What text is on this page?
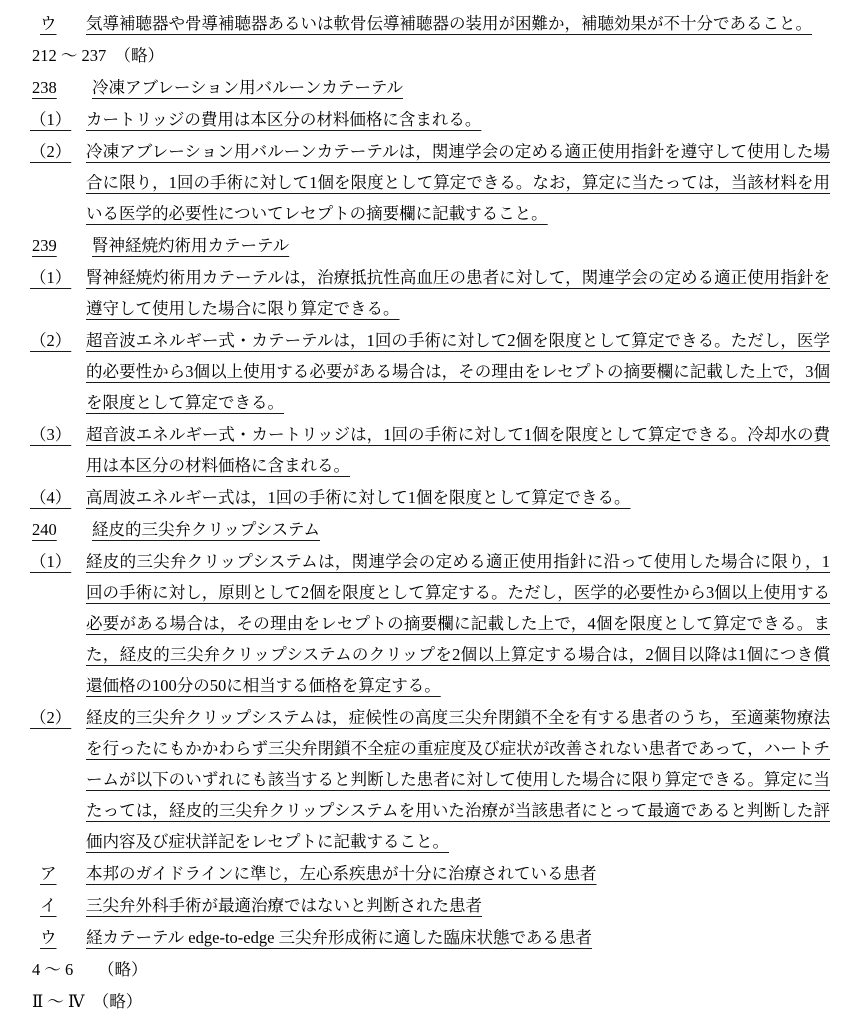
ウ	気導補聴器や骨導補聴器あるいは軟骨伝導補聴器の装用が困難か，補聴効果が不十分であること。
212 ～ 237　（略）
238	冷凍アブレーション用バルーンカテーテル
（1） カートリッジの費用は本区分の材料価格に含まれる。
（2） 冷凍アブレーション用バルーンカテーテルは，関連学会の定める適正使用指針を遵守して使用した場合に限り，1回の手術に対して1個を限度として算定できる。なお，算定に当たっては，当該材料を用いる医学的必要性についてレセプトの摘要欄に記載すること。
239	腎神経焼灼術用カテーテル
（1） 腎神経焼灼術用カテーテルは，治療抵抗性高血圧の患者に対して，関連学会の定める適正使用指針を遵守して使用した場合に限り算定できる。
（2） 超音波エネルギー式・カテーテルは，1回の手術に対して2個を限度として算定できる。ただし，医学的必要性から3個以上使用する必要がある場合は，その理由をレセプトの摘要欄に記載した上で，3個を限度として算定できる。
（3） 超音波エネルギー式・カートリッジは，1回の手術に対して1個を限度として算定できる。冷却水の費用は本区分の材料価格に含まれる。
（4） 高周波エネルギー式は，1回の手術に対して1個を限度として算定できる。
240	経皮的三尖弁クリップシステム
（1） 経皮的三尖弁クリップシステムは，関連学会の定める適正使用指針に沿って使用した場合に限り，1回の手術に対し，原則として2個を限度として算定する。ただし，医学的必要性から3個以上使用する必要がある場合は，その理由をレセプトの摘要欄に記載した上で，4個を限度として算定できる。また，経皮的三尖弁クリップシステムのクリップを2個以上算定する場合は，2個目以降は1個につき償還価格の100分の50に相当する価格を算定する。
（2） 経皮的三尖弁クリップシステムは，症候性の高度三尖弁閉鎖不全を有する患者のうち，至適薬物療法を行ったにもかかわらず三尖弁閉鎖不全症の重症度及び症状が改善されない患者であって，ハートチームが以下のいずれにも該当すると判断した患者に対して使用した場合に限り算定できる。算定に当たっては，経皮的三尖弁クリップシステムを用いた治療が当該患者にとって最適であると判断した評価内容及び症状詳記をレセプトに記載すること。
ア	本邦のガイドラインに準じ，左心系疾患が十分に治療されている患者
イ	三尖弁外科手術が最適治療ではないと判断された患者
ウ	経カテーテル edge-to-edge 三尖弁形成術に適した臨床状態である患者
4 ～ 6　　（略）
Ⅱ ～ Ⅳ　（略）
